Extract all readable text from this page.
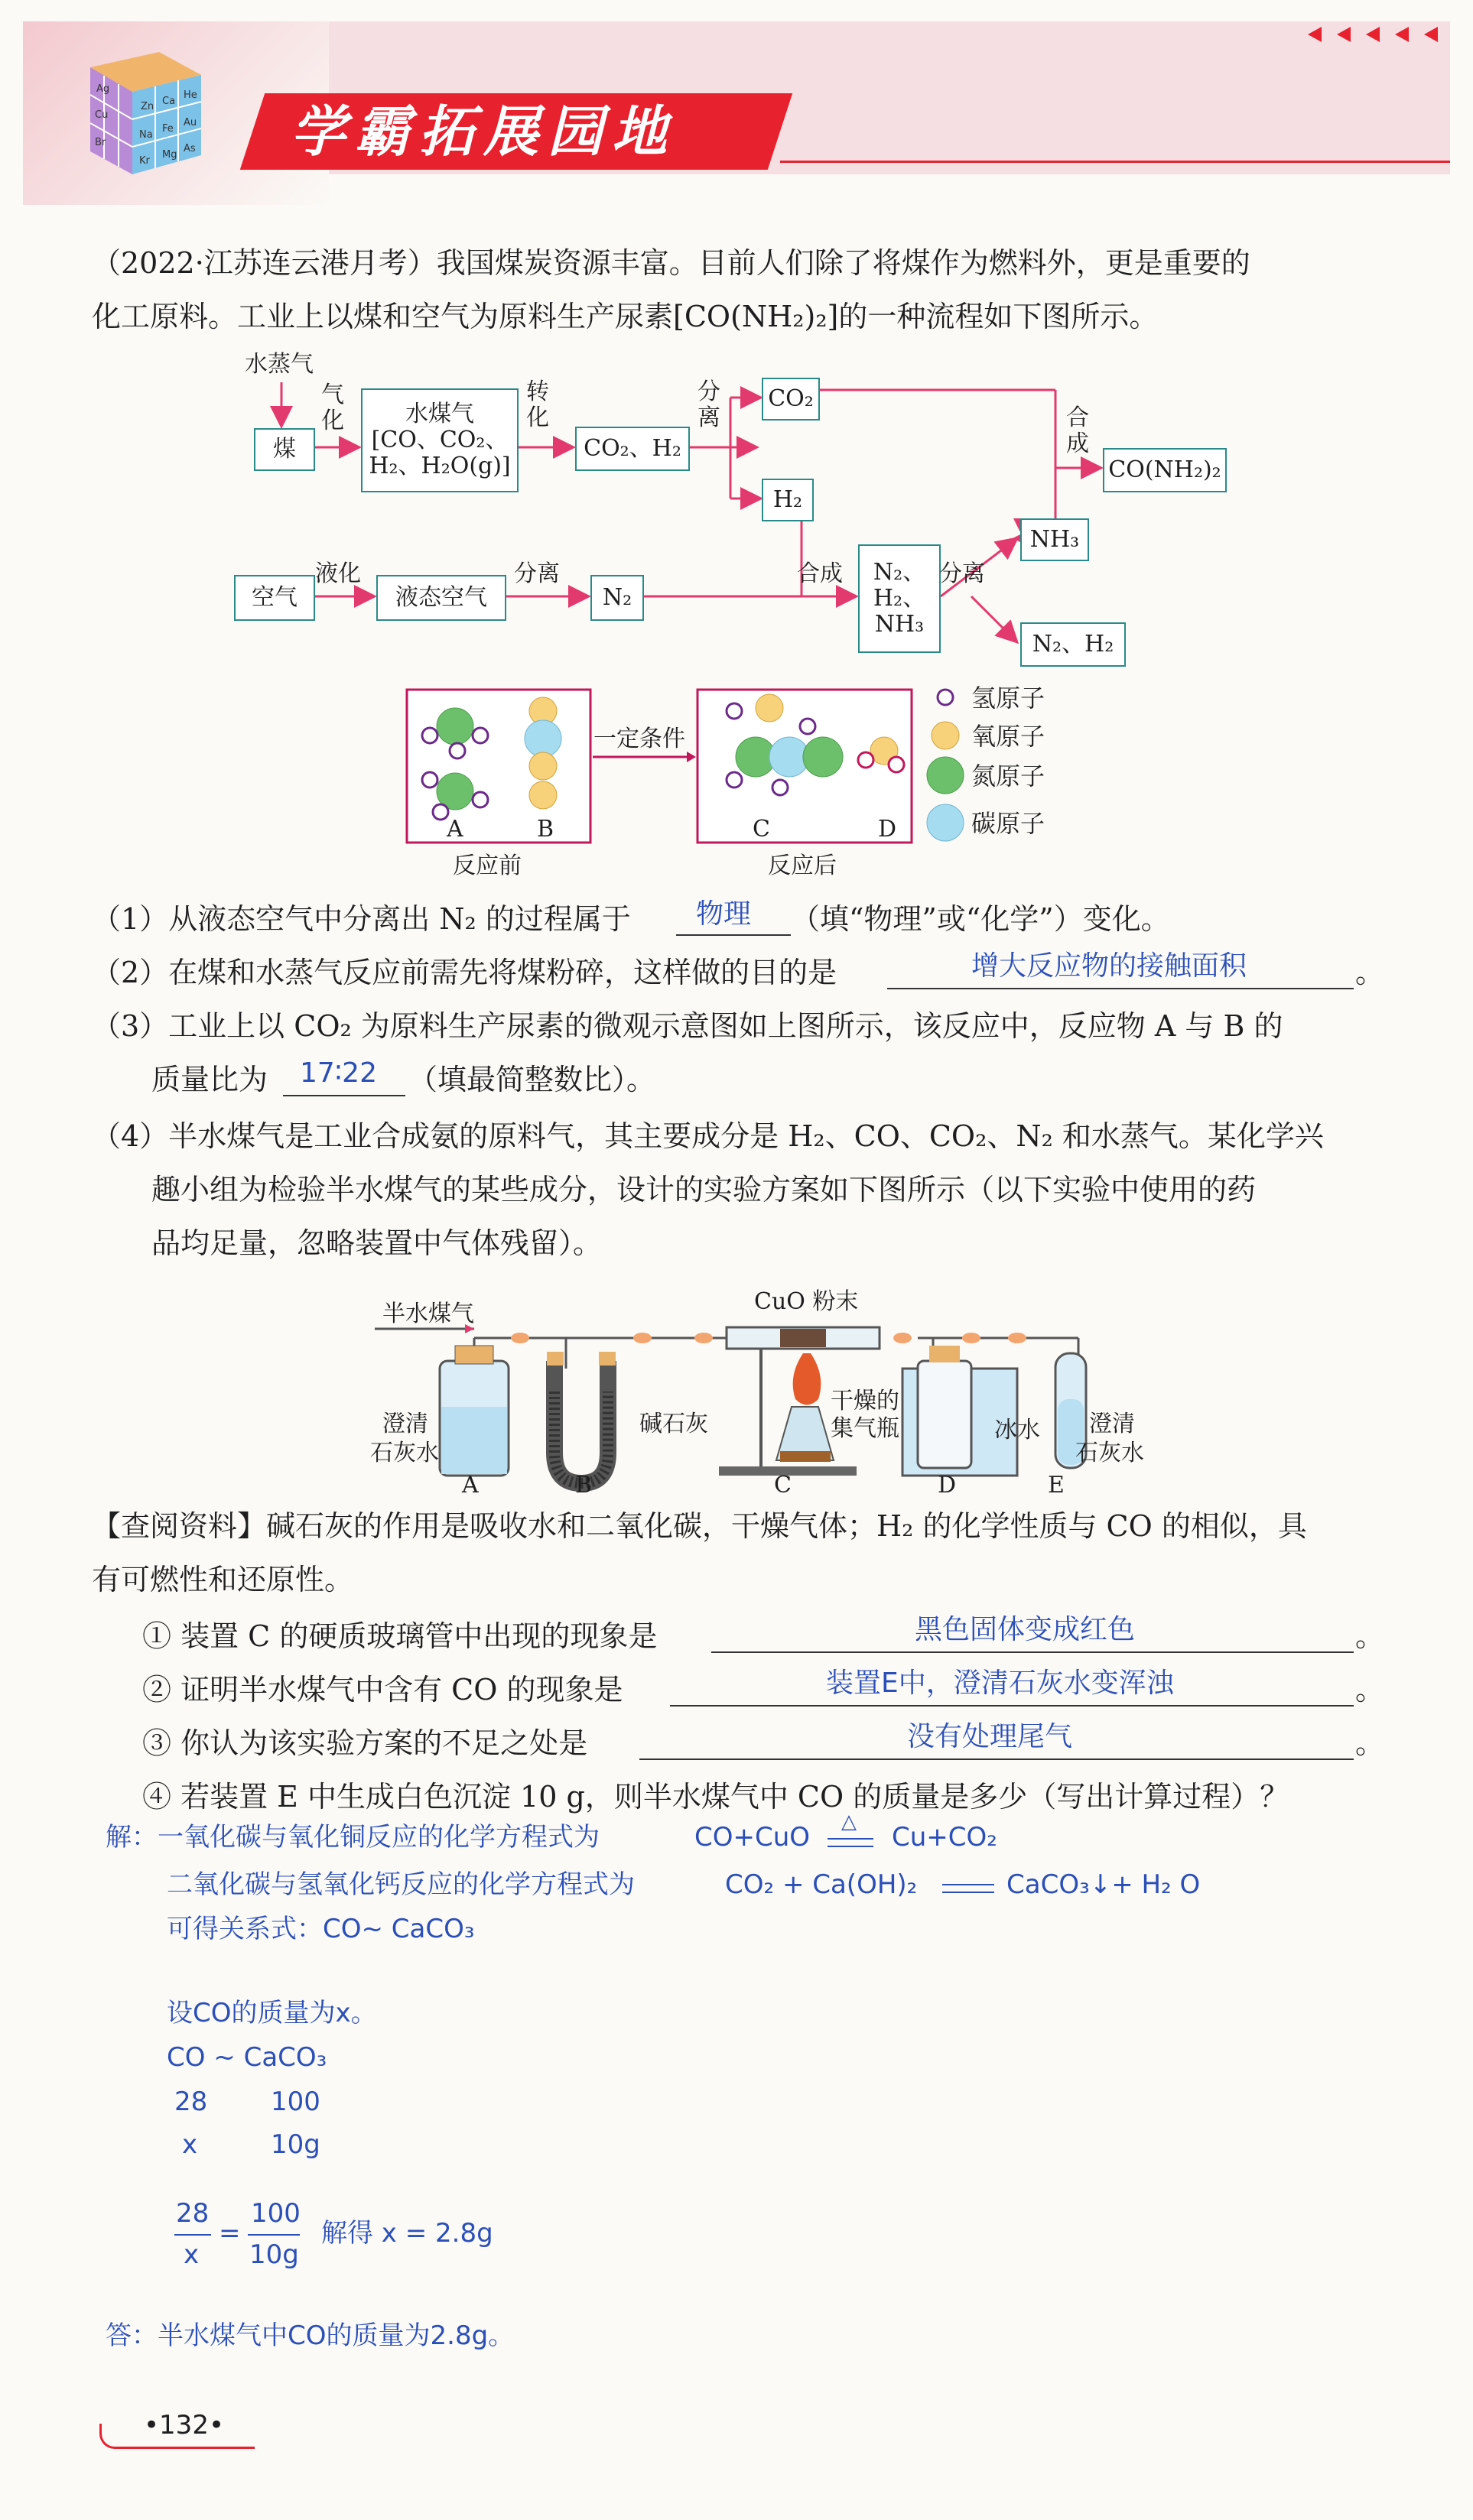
Ag
Zn Ca
He
Cu
Na
Fe
Au
Br
Kr
Mg
As 学霸拓展园地
（2022·江苏连云港月考）我国煤炭资源丰富。目前人们除了将煤作为燃料外，更是重要的
化工原料。工业上以煤和空气为原料生产尿素[CO(NH₂)₂]的一种流程如下图所示。
水蒸气
煤
气化	水煤气
[CO、CO₂、
H₂、H₂O(g)]
转化
CO₂、H₂
分离
CO₂
H₂
合成
CO(NH₂)₂
NH₃
空气
液化
液态空气
分离
N₂
合成 N₂、
H₂、
NH₃
分离
N₂、H₂
一定条件
A	B	C	D
反应前	反应后
氢原子
氧原子
氮原子
碳原子
（1）从液态空气中分离出 N₂ 的过程属于 物理 （填“物理”或“化学”）变化。
（2）在煤和水蒸气反应前需先将煤粉碎，这样做的目的是	增大反应物的接触面积	。
（3）工业上以 CO₂ 为原料生产尿素的微观示意图如上图所示，该反应中，反应物 A 与 B 的
质量比为 17∶22 （填最简整数比）。
（4）半水煤气是工业合成氨的原料气，其主要成分是 H₂、CO、CO₂、N₂ 和水蒸气。某化学兴
趣小组为检验半水煤气的某些成分，设计的实验方案如下图所示（以下实验中使用的药
品均足量，忽略装置中气体残留）。
半水煤气	CuO 粉末
澄清
石灰水
碱石灰
干燥的
集气瓶	冰水 澄清
石灰水
A	B	C	D	E
【查阅资料】碱石灰的作用是吸收水和二氧化碳，干燥气体；H₂ 的化学性质与 CO 的相似，具
有可燃性和还原性。
① 装置 C 的硬质玻璃管中出现的现象是	黑色固体变成红色	。
② 证明半水煤气中含有 CO 的现象是	装置E中，澄清石灰水变浑浊	。
③ 你认为该实验方案的不足之处是	没有处理尾气	。
④ 若装置 E 中生成白色沉淀 10 g，则半水煤气中 CO 的质量是多少（写出计算过程）？
解：一氧化碳与氧化铜反应的化学方程式为	CO+CuO △ Cu+CO₂
二氧化碳与氢氧化钙反应的化学方程式为	CO₂ + Ca(OH)₂	CaCO₃↓+ H₂ O
可得关系式：CO~ CaCO₃
设CO的质量为x。
CO ~ CaCO₃
28 100
x	10g
28
x
=
100
10g
解得 x = 2.8g
答：半水煤气中CO的质量为2.8g。
•132•
